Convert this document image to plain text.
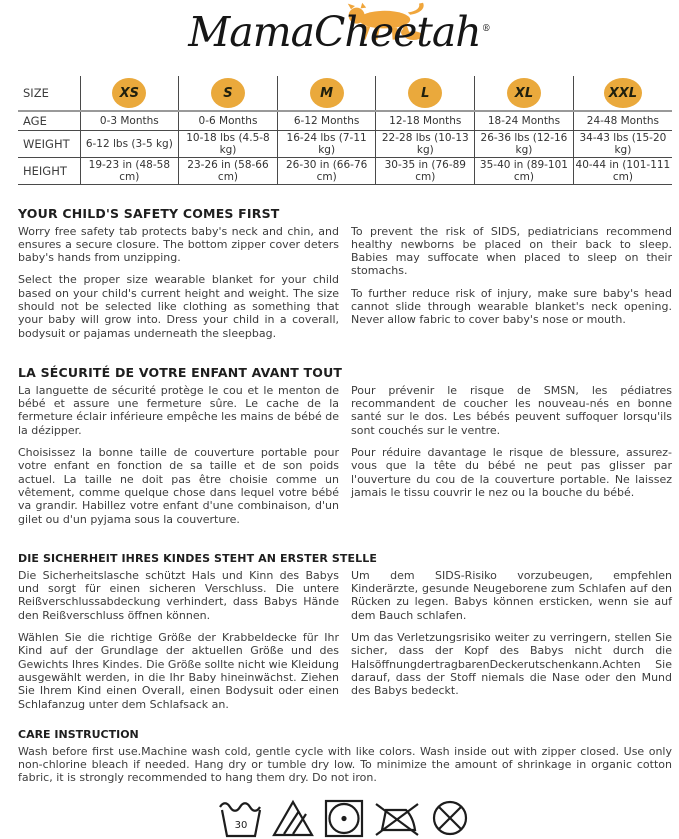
MamaCheetah®
SIZE	XS	S	M	L	XL	XXL
AGE	0-3 Months	0-6 Months	6-12 Months	12-18 Months	18-24 Months	24-48 Months
WEIGHT	6-12 lbs (3-5 kg)	10-18 lbs (4.5-8 kg)	16-24 lbs (7-11 kg)	22-28 lbs (10-13 kg)	26-36 lbs (12-16 kg)	34-43 lbs (15-20 kg)
HEIGHT	19-23 in (48-58 cm)	23-26 in (58-66 cm)	26-30 in (66-76 cm)	30-35 in (76-89 cm)	35-40 in (89-101 cm)	40-44 in (101-111 cm)
YOUR CHILD'S SAFETY COMES FIRST

Worry free safety tab protects baby's neck and chin, and ensures a secure closure. The bottom zipper cover deters baby's hands from unzipping.

Select the proper size wearable blanket for your child based on your child's current height and weight. The size should not be selected like clothing as something that your baby will grow into. Dress your child in a coverall, bodysuit or pajamas underneath the sleepbag.

To prevent the risk of SIDS, pediatricians recommend healthy newborns be placed on their back to sleep. Babies may suffocate when placed to sleep on their stomachs.

To further reduce risk of injury, make sure baby's head cannot slide through wearable blanket's neck opening. Never allow fabric to cover baby's nose or mouth.

LA SÉCURITÉ DE VOTRE ENFANT AVANT TOUT

La languette de sécurité protège le cou et le menton de bébé et assure une fermeture sûre. Le cache de la fermeture éclair inférieure empêche les mains de bébé de la dézipper.

Choisissez la bonne taille de couverture portable pour votre enfant en fonction de sa taille et de son poids actuel. La taille ne doit pas être choisie comme un vêtement, comme quelque chose dans lequel votre bébé va grandir. Habillez votre enfant d'une combinaison, d'un gilet ou d'un pyjama sous la couverture.

Pour prévenir le risque de SMSN, les pédiatres recommandent de coucher les nouveau-nés en bonne santé sur le dos. Les bébés peuvent suffoquer lorsqu'ils sont couchés sur le ventre.

Pour réduire davantage le risque de blessure, assurez-vous que la tête du bébé ne peut pas glisser par l'ouverture du cou de la couverture portable. Ne laissez jamais le tissu couvrir le nez ou la bouche du bébé.

DIE SICHERHEIT IHRES KINDES STEHT AN ERSTER STELLE

Die Sicherheitslasche schützt Hals und Kinn des Babys und sorgt für einen sicheren Verschluss. Die untere Reißverschlussabdeckung verhindert, dass Babys Hände den Reißverschluss öffnen können.

Wählen Sie die richtige Größe der Krabbeldecke für Ihr Kind auf der Grundlage der aktuellen Größe und des Gewichts Ihres Kindes. Die Größe sollte nicht wie Kleidung ausgewählt werden, in die Ihr Baby hineinwächst. Ziehen Sie Ihrem Kind einen Overall, einen Bodysuit oder einen Schlafanzug unter dem Schlafsack an.

Um dem SIDS-Risiko vorzubeugen, empfehlen Kinderärzte, gesunde Neugeborene zum Schlafen auf den Rücken zu legen. Babys können ersticken, wenn sie auf dem Bauch schlafen.

Um das Verletzungsrisiko weiter zu verringern, stellen Sie sicher, dass der Kopf des Babys nicht durch die HalsöffnungdertragbarenDeckerutschenkann.Achten Sie darauf, dass der Stoff niemals die Nase oder den Mund des Babys bedeckt.

CARE INSTRUCTION
Wash before first use.Machine wash cold, gentle cycle with like colors. Wash inside out with zipper closed. Use only non-chlorine bleach if needed. Hang dry or tumble dry low. To minimize the amount of shrinkage in organic cotton fabric, it is strongly recommended to hang them dry. Do not iron.
30
